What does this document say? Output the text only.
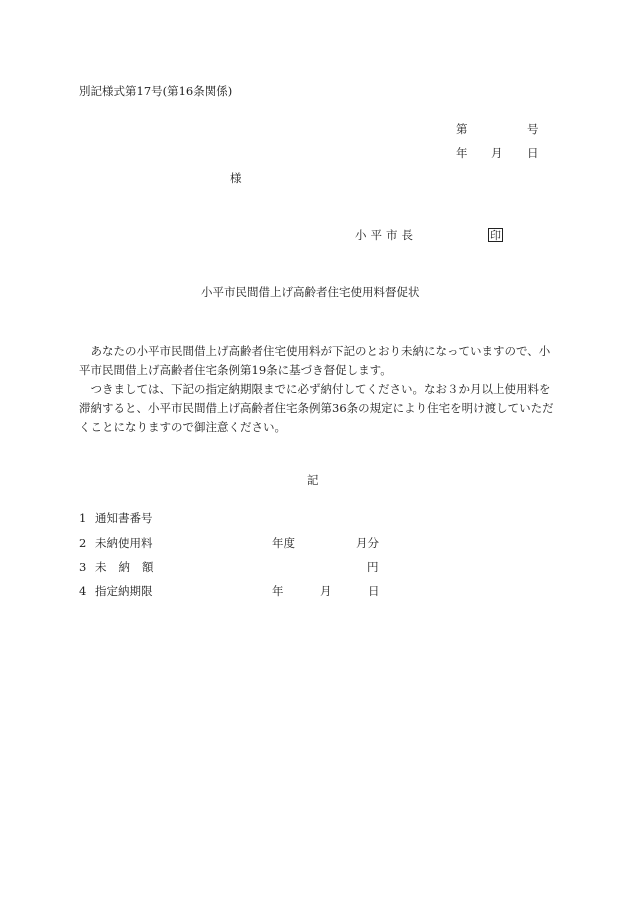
別記様式第17号(第16条関係)
第	号
年 月 日
様
小平市長	印
小平市民間借上げ高齢者住宅使用料督促状

あなたの小平市民間借上げ高齢者住宅使用料が下記のとおり未納になっていますので、小平市民間借上げ高齢者住宅条例第19条に基づき督促します。

つきましては、下記の指定納期限までに必ず納付してください。なお３か月以上使用料を滞納すると、小平市民間借上げ高齢者住宅条例第36条の規定により住宅を明け渡していただくことになりますので御注意ください。

記
1 通知書番号
2 未納使用料	年度	月分
3 未納額	円
4 指定納期限	年	月	日
